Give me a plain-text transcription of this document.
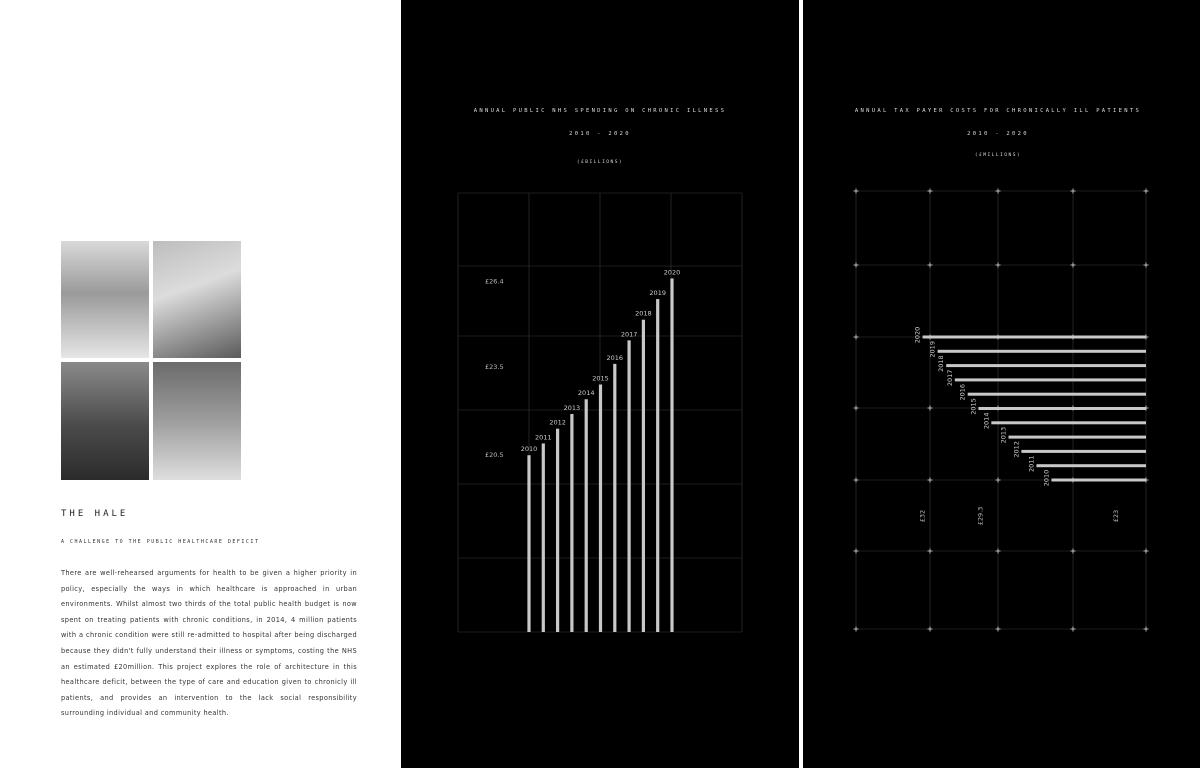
THE HALE
A CHALLENGE TO THE PUBLIC HEALTHCARE DEFICIT

There are well-rehearsed arguments for health to be given a higher priority in policy, especially the ways in which healthcare is approached in urban environments. Whilst almost two thirds of the total public health budget is now spent on treating patients with chronic conditions, in 2014, 4 million patients with a chronic condition were still re-admitted to hospital after being discharged because they didn't fully understand their illness or symptoms, costing the NHS an estimated £20million. This project explores the role of architecture in this healthcare deficit, between the type of care and education given to chronicly ill patients, and provides an intervention to the lack social responsibility surrounding individual and community health.

ANNUAL PUBLIC NHS SPENDING ON CHRONIC ILLNESS
2010 - 2020
(£BILLIONS)
£20.5
£23.5
£26.4
2010
2011
2012
2013
2014
2015
2016
2017
2018
2019
2020
ANNUAL TAX PAYER COSTS FOR CHRONICALLY ILL PATIENTS
2010 - 2020
(£MILLIONS)
£32	£29.3	£23
2020
2019
2018
2017
2016
2015
2014
2013
2012
2011
2010
